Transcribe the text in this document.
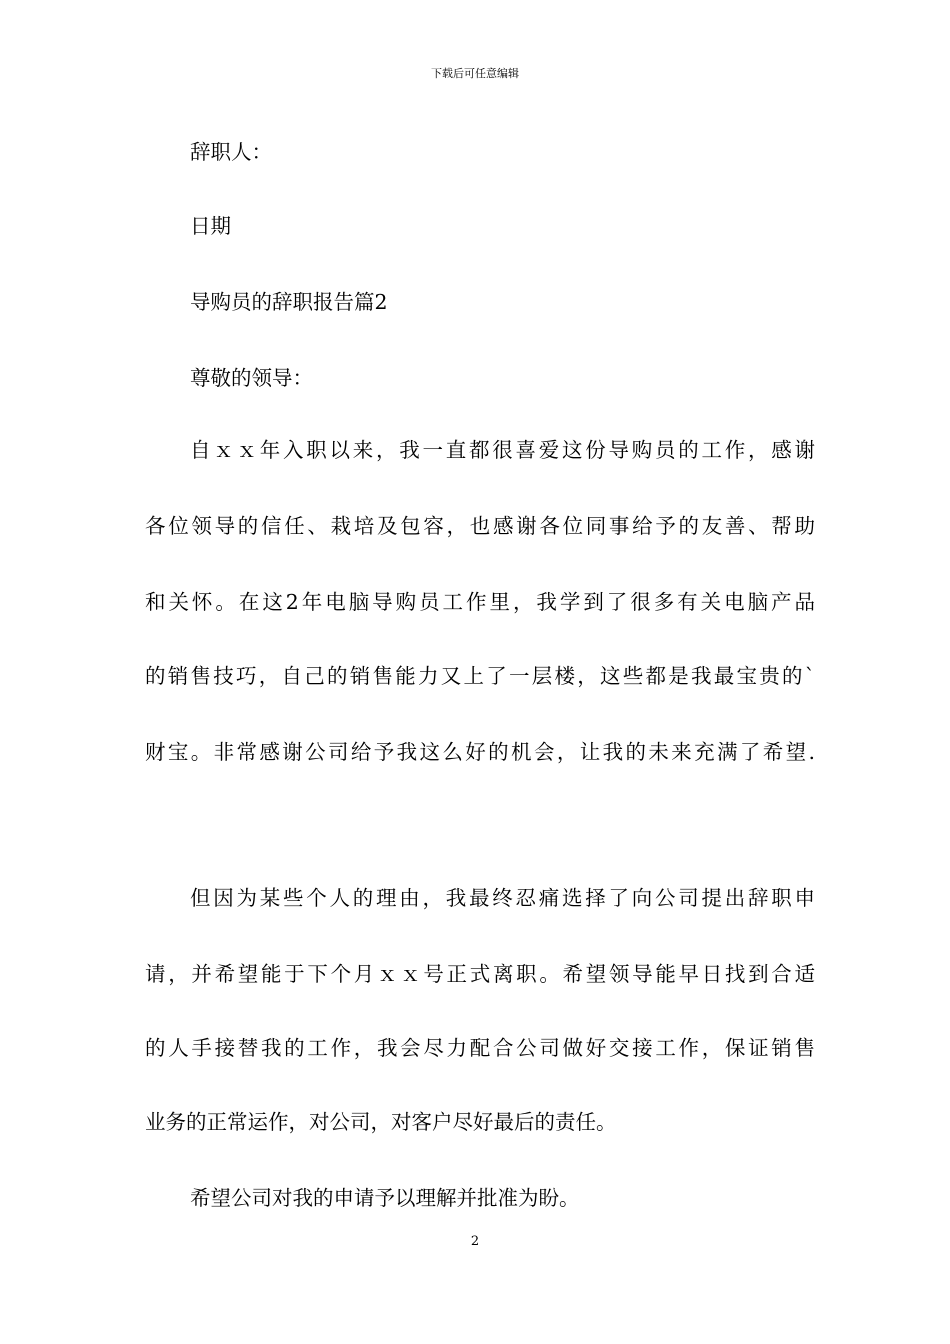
下载后可任意编辑
辞职人：
日期
导购员的辞职报告篇2
尊敬的领导：
自ｘｘ年入职以来，我一直都很喜爱这份导购员的工作，感谢
各位领导的信任、栽培及包容，也感谢各位同事给予的友善、帮助
和关怀。在这2年电脑导购员工作里，我学到了很多有关电脑产品
的销售技巧，自己的销售能力又上了一层楼，这些都是我最宝贵的`
财宝。非常感谢公司给予我这么好的机会，让我的未来充满了希望.
但因为某些个人的理由，我最终忍痛选择了向公司提出辞职申
请，并希望能于下个月ｘｘ号正式离职。希望领导能早日找到合适
的人手接替我的工作，我会尽力配合公司做好交接工作，保证销售
业务的正常运作，对公司，对客户尽好最后的责任。
希望公司对我的申请予以理解并批准为盼。
2
